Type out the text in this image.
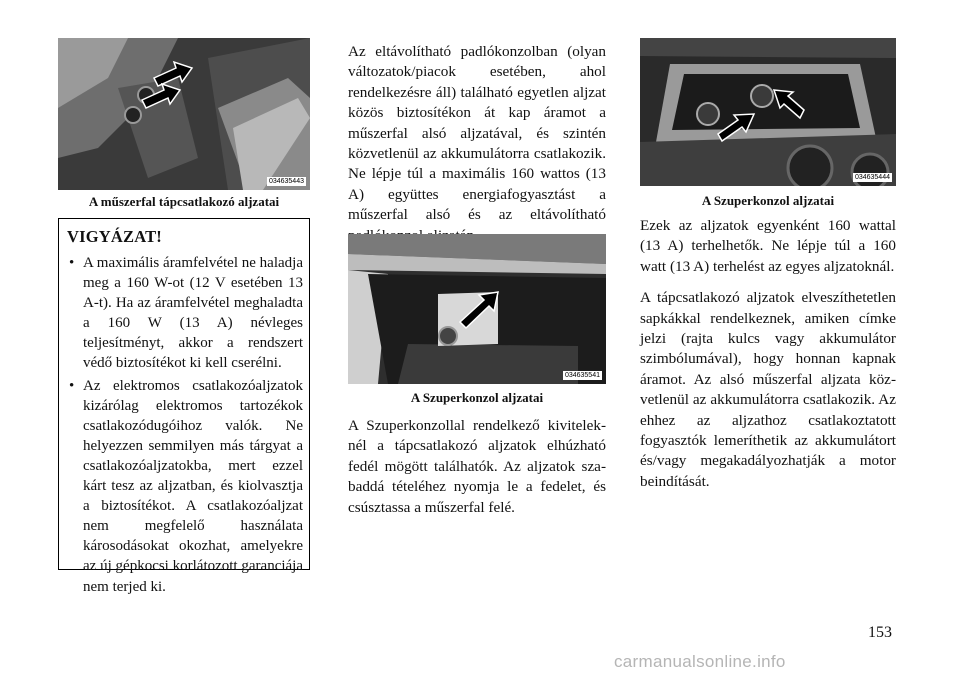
034635443
A műszerfal tápcsatlakozó aljzatai
VIGYÁZAT!
• A maximális áramfelvétel ne haladja meg a 160 W-ot (12 V esetében 13 A-t). Ha az áramfelvétel meghaladta a 160 W (13 A) névleges teljesítményt, akkor a rendszert védő biztosítékot ki kell cserélni.
• Az elektromos csatlakozóaljzatok kizárólag elektromos tartozékok csatlakozódugóihoz valók. Ne helyezzen semmilyen más tárgyat a csatlakozóaljzatokba, mert ezzel kárt tesz az aljzatban, és kiolvasztja a biztosítékot. A csatlakozóaljzat nem megfelelő használata károsodásokat okozhat, amelyekre az új gépkocsi korlátozott garanciája nem terjed ki.

Az eltávolítható padlókonzolban (olyan változatok/piacok esetében, ahol rendelkezésre áll) található egyetlen aljzat közös biztosítékon át kap áramot a műszerfal alsó aljzatával, és szintén közvetlenül az akkumulátorra csatlakozik. Ne lépje túl a maximális 160 wattos (13 A) együttes energiafogyasztást a műszerfal alsó és az eltávolítható

034635541
A Szuperkonzol aljzatai

A Szuperkonzollal rendelkező kiviteleknél a tápcsatlakozó aljzatok elhúzható fedél mögött találhatók. Az aljzatok szabaddá tételéhez nyomja le a fedelet, és csúsztassa a műszerfal felé.

034635444
A Szuperkonzol aljzatai

Ezek az aljzatok egyenként 160 wattal (13 A) terhelhetők. Ne lépje túl a 160 watt (13 A) terhelést az egyes aljzatoknál.

A tápcsatlakozó aljzatok elveszíthetetlen sapkákkal rendelkeznek, amiken címke jelzi (rajta kulcs vagy akkumulátor szimbólumával), hogy honnan kapnak áramot. Az alsó műszerfal aljzata közvetlenül az akkumulátorra csatlakozik. Az ehhez az aljzathoz csatlakoztatott fogyasztók lemeríthetik az akkumulátort és/vagy megakadályozhatják a motor beindítását.

153
carmanualsonline.info
